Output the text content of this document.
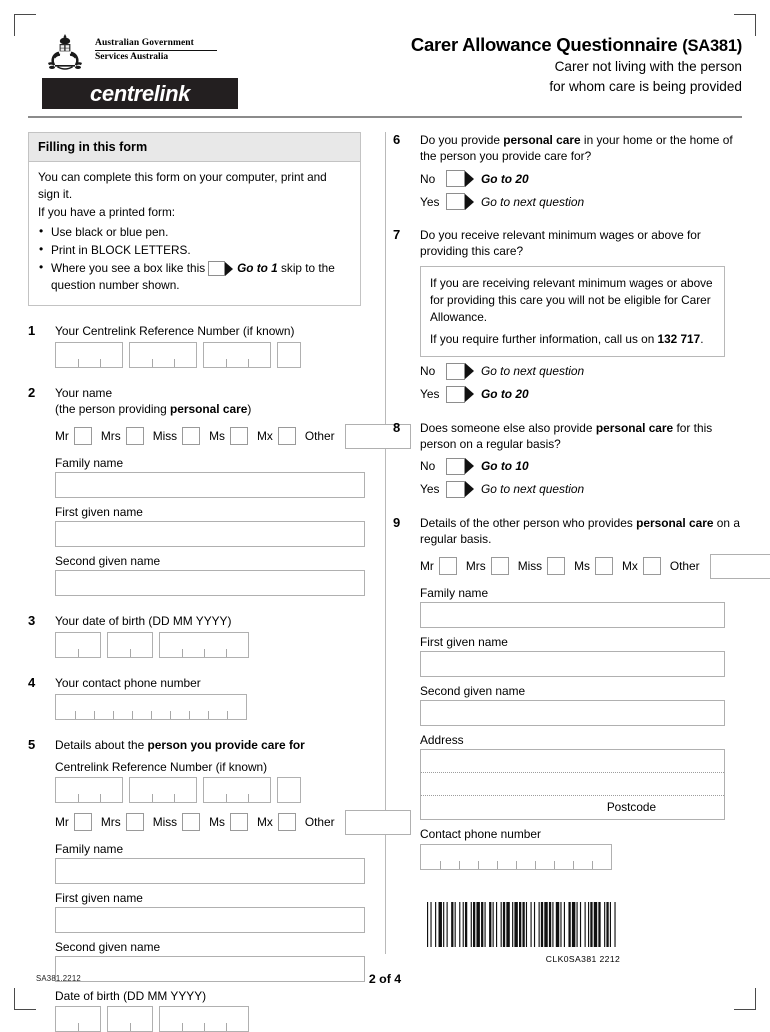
Australian Government
Services Australia
centrelink
Carer Allowance Questionnaire (SA381)
Carer not living with the person
for whom care is being provided
Filling in this form

You can complete this form on your computer, print and sign it.

If you have a printed form:

• Use black or blue pen.
• Print in BLOCK LETTERS.
• Where you see a box like this	Go to 1 skip to the question number shown.
1	Your Centrelink Reference Number (if known)
2	Your name
(the person providing personal care)
Mr	Mrs	Miss	Ms	Mx	Other
Family name
First given name
Second given name
3	Your date of birth (DD MM YYYY)
4	Your contact phone number
5	Details about the person you provide care for
Centrelink Reference Number (if known)
Mr	Mrs	Miss	Ms	Mx	Other
Family name
First given name
Second given name
Date of birth (DD MM YYYY)
6	Do you provide personal care in your home or the home of the person you provide care for?
No	Go to 20
Yes	Go to next question
7	Do you receive relevant minimum wages or above for providing this care?

If you are receiving relevant minimum wages or above for providing this care you will not be eligible for Carer Allowance.

If you require further information, call us on 132 717.

No	Go to next question
Yes	Go to 20
8	Does someone else also provide personal care for this person on a regular basis?
No	Go to 10
Yes	Go to next question
9	Details of the other person who provides personal care on a regular basis.
Mr	Mrs	Miss	Ms	Mx	Other
Family name
First given name
Second given name
Address
Postcode
Contact phone number
CLK0SA381 2212
SA381.2212	2 of 4
